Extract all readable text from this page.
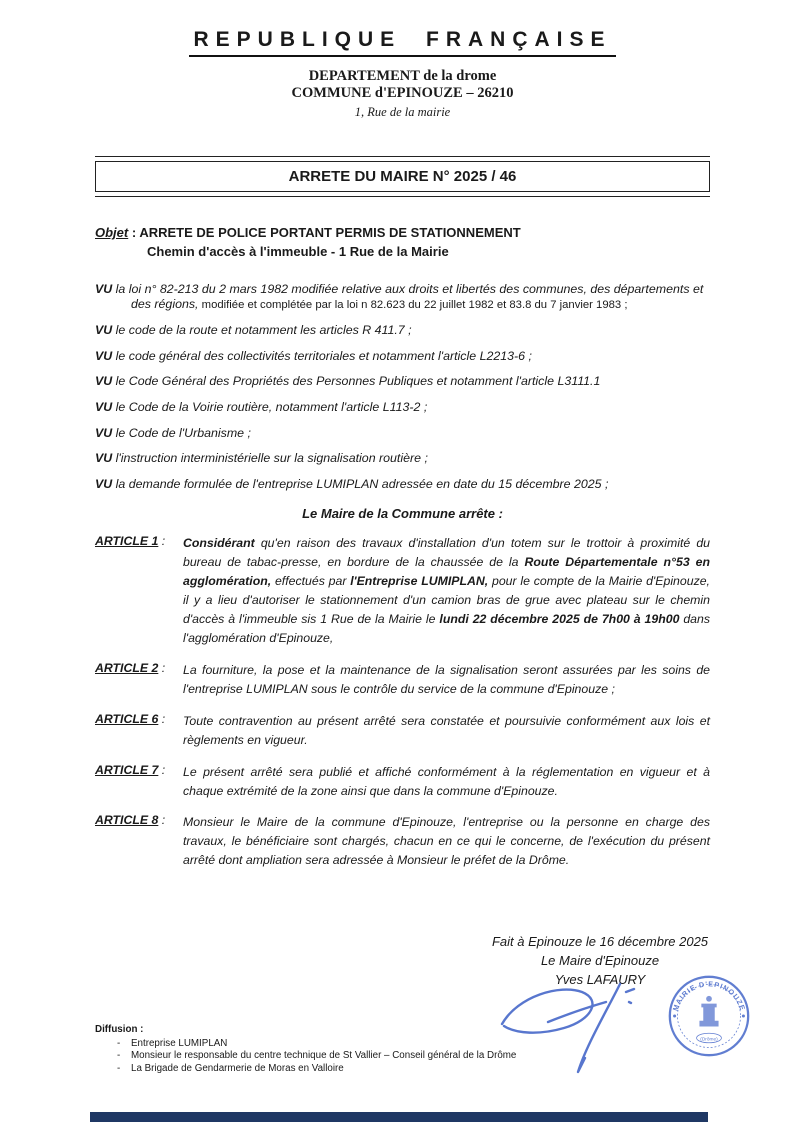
REPUBLIQUE FRANÇAISE

DEPARTEMENT de la drome

COMMUNE d'EPINOUZE – 26210

1, Rue de la mairie

ARRETE DU MAIRE N° 2025 / 46
Objet : ARRETE DE POLICE PORTANT PERMIS DE STATIONNEMENT
Chemin d'accès à l'immeuble - 1 Rue de la Mairie

VU la loi n° 82-213 du 2 mars 1982 modifiée relative aux droits et libertés des communes, des départements et des régions, modifiée et complétée par la loi n 82.623 du 22 juillet 1982 et 83.8 du 7 janvier 1983 ;

VU le code de la route et notamment les articles R 411.7 ;

VU le code général des collectivités territoriales et notamment l'article L2213-6 ;

VU le Code Général des Propriétés des Personnes Publiques et notamment l'article L3111.1

VU le Code de la Voirie routière, notamment l'article L113-2 ;

VU le Code de l'Urbanisme ;

VU l'instruction interministérielle sur la signalisation routière ;

VU la demande formulée de l'entreprise LUMIPLAN adressée en date du 15 décembre 2025 ;

Le Maire de la Commune arrête :
ARTICLE 1 :	Considérant qu'en raison des travaux d'installation d'un totem sur le trottoir à proximité du bureau de tabac-presse, en bordure de la chaussée de la Route Départementale n°53 en agglomération, effectués par l'Entreprise LUMIPLAN, pour le compte de la Mairie d'Epinouze, il y a lieu d'autoriser le stationnement d'un camion bras de grue avec plateau sur le chemin d'accès à l'immeuble sis 1 Rue de la Mairie le lundi 22 décembre 2025 de 7h00 à 19h00 dans l'agglomération d'Epinouze,
ARTICLE 2 :	La fourniture, la pose et la maintenance de la signalisation seront assurées par les soins de l'entreprise LUMIPLAN sous le contrôle du service de la commune d'Epinouze ;
ARTICLE 6 :	Toute contravention au présent arrêté sera constatée et poursuivie conformément aux lois et règlements en vigueur.
ARTICLE 7 :	Le présent arrêté sera publié et affiché conformément à la réglementation en vigueur et à chaque extrémité de la zone ainsi que dans la commune d'Epinouze.
ARTICLE 8 :	Monsieur le Maire de la commune d'Epinouze, l'entreprise ou la personne en charge des travaux, le bénéficiaire sont chargés, chacun en ce qui le concerne, de l'exécution du présent arrêté dont ampliation sera adressée à Monsieur le préfet de la Drôme.
Fait à Epinouze le 16 décembre 2025
Le Maire d'Epinouze
Yves LAFAURY
MAIRIE D'EPINOUZE
(Drôme)
Diffusion :
- Entreprise LUMIPLAN
- Monsieur le responsable du centre technique de St Vallier – Conseil général de la Drôme
- La Brigade de Gendarmerie de Moras en Valloire
